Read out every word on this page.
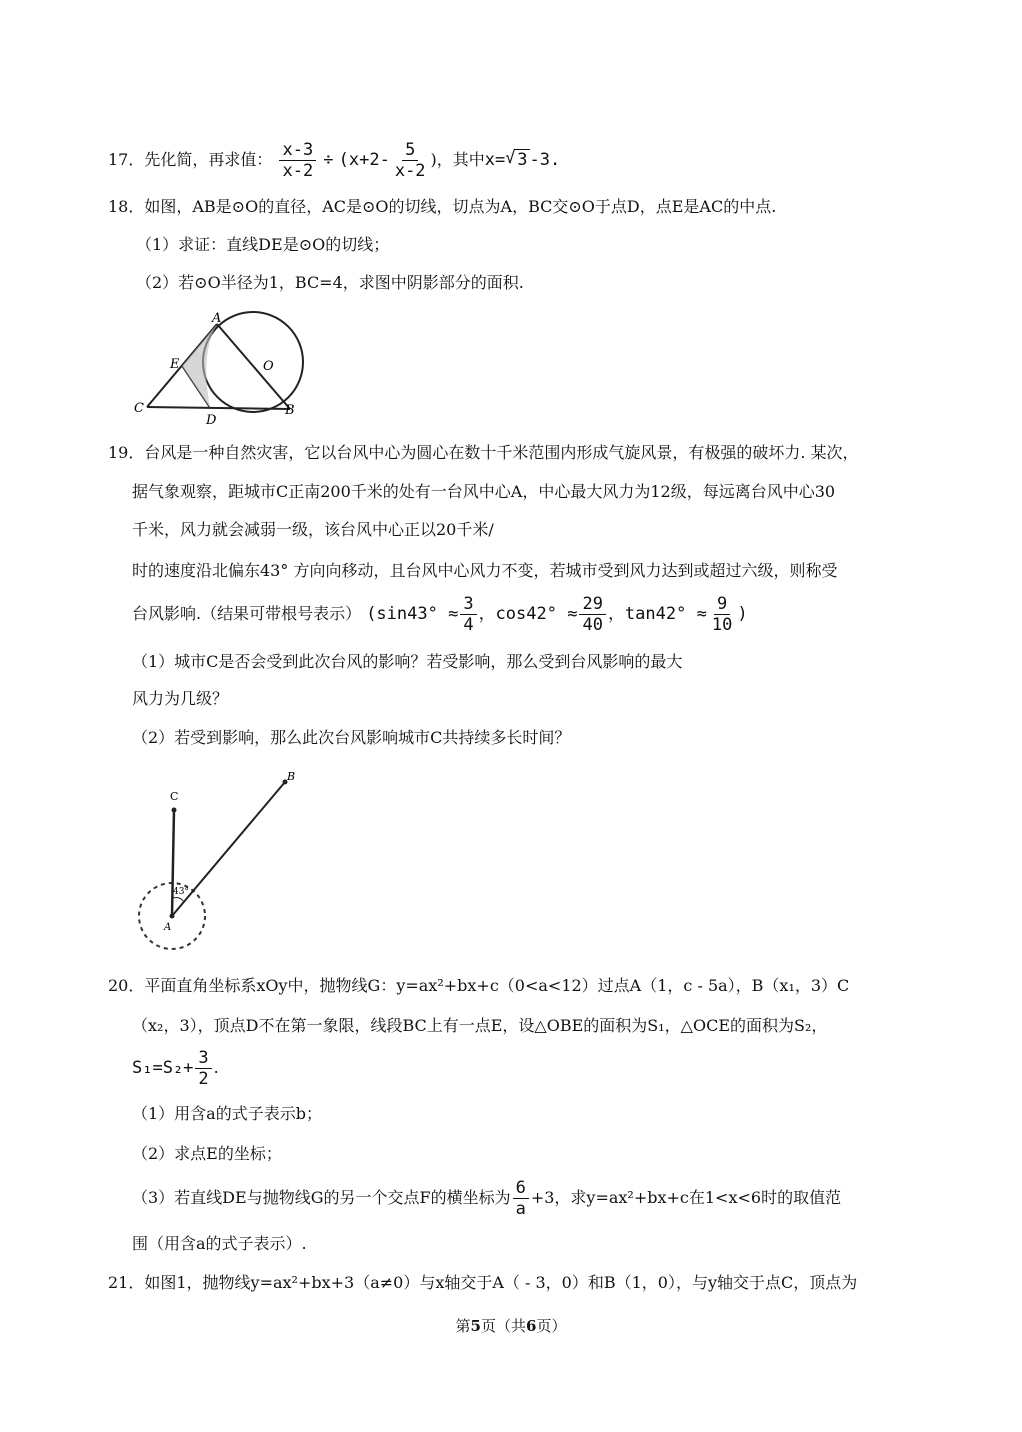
17．先化简，再求值： $\frac{x-3}{x-2} \div (x+2- \frac{5}{x-2}$ )，其中x= √ 3 -3.
18．如图，AB是⊙O的直径，AC是⊙O的切线，切点为A，BC交⊙O于点D，点E是AC的中点.
（1）求证：直线DE是⊙O的切线；
（2）若⊙O半径为1，BC=4，求图中阴影部分的面积.
A
E	O
C
D
B
19．台风是一种自然灾害，它以台风中心为圆心在数十千米范围内形成气旋风景，有极强的破坏力. 某次，
据气象观察，距城市C正南200千米的处有一台风中心A，中心最大风力为12级，每远离台风中心30
千米，风力就会减弱一级，该台风中心正以20千米/
时的速度沿北偏东43° 方向向移动，且台风中心风力不变，若城市受到风力达到或超过六级，则称受
台风影响.（结果可带根号表示） ($\sin 43^\circ \approx \frac{3}{4}$ ，$\cos 42^\circ \approx \frac{29}{40}$ ，$\tan 42^\circ \approx \frac{9}{10}$ )
（1）城市C是否会受到此次台风的影响？若受影响，那么受到台风影响的最大
风力为几级？
（2）若受到影响，那么此次台风影响城市C共持续多长时间？
C
B
A
43°
20．平面直角坐标系xOy中，抛物线G：y=ax²+bx+c（0<a<12）过点A（1，c - 5a），B（x₁，3）C
（x₂，3），顶点D不在第一象限，线段BC上有一点E，设△OBE的面积为S₁，△OCE的面积为S₂，
$S_1=S_2+ \frac{3}{2}$ .
（1）用含a的式子表示b；
（2）求点E的坐标；
（3）若直线DE与抛物线G的另一个交点F的横坐标为 $\frac{6}{a} +3$，求y=ax²+bx+c在1<x<6时的取值范
围（用含a的式子表示）.
21．如图1，抛物线y=ax²+bx+3（a≠0）与x轴交于A（ - 3，0）和B（1，0），与y轴交于点C，顶点为
第5页（共6页）
